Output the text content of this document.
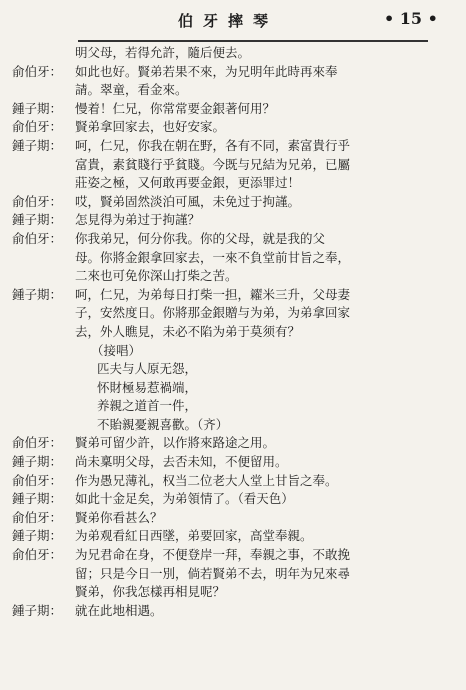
伯牙摔琴	• 15 •
明父母，若得允許，隨后便去。
俞伯牙：	如此也好。賢弟若果不來，为兄明年此時再來奉
請。翠童，看金來。
鍾子期：	慢着！仁兄，你常常要金銀著何用？
俞伯牙：	賢弟拿回家去，也好安家。
鍾子期：	呵，仁兄，你我在朝在野，各有不同，素富貴行乎
富貴，素貧賤行乎貧賤。今既与兄結为兄弟，已屬
莊姿之極，又何敢再要金銀，更添罪过！
俞伯牙：	哎，賢弟固然淡泊可風，未免过于拘謹。
鍾子期：	怎見得为弟过于拘謹？
俞伯牙：	你我弟兄，何分你我。你的父母，就是我的父
母。你將金銀拿回家去，一來不負堂前甘旨之奉，
二來也可免你深山打柴之苦。
鍾子期：	呵，仁兄，为弟每日打柴一担，糴米三升，父母妻
子，安然度日。你將那金銀贈与为弟，为弟拿回家
去，外人瞧見，未必不陷为弟于莫须有？
（接唱）
匹夫与人原无怨，
怀財極易惹禍端，
养親之道首一件，
不貽親憂親喜歡。（齐）
俞伯牙：	賢弟可留少許，以作將來路途之用。
鍾子期：	尚未稟明父母，去否未知，不便留用。
俞伯牙：	作为愚兄薄礼，权当二位老大人堂上甘旨之奉。
鍾子期：	如此十金足矣，为弟領情了。（看天色）
俞伯牙：	賢弟你看甚么？
鍾子期：	为弟观看紅日西墜，弟要回家，高堂奉親。
俞伯牙：	为兄君命在身，不便登岸一拜，奉親之事，不敢挽
留；只是今日一別，倘若賢弟不去，明年为兄來尋
賢弟，你我怎樣再相見呢？
鍾子期：	就在此地相遇。
